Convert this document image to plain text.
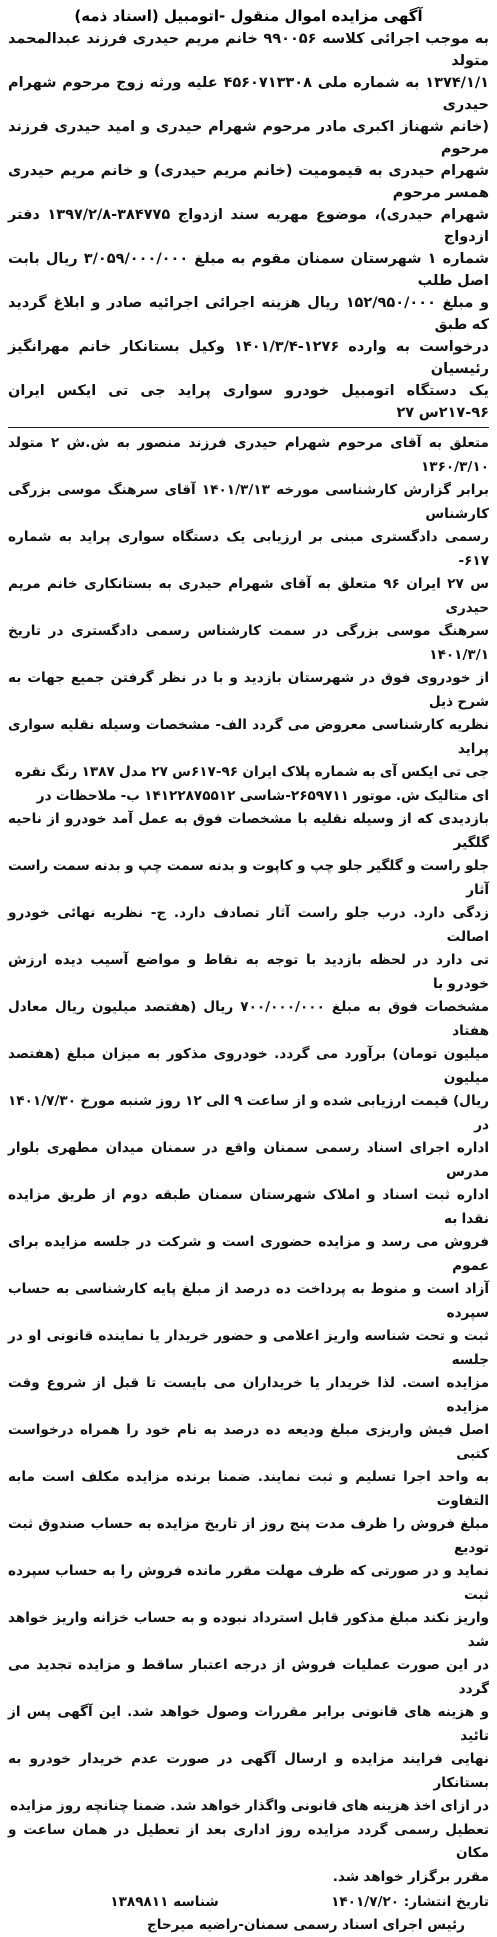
آگهی مزایده اموال منقول -اتومبیل (اسناد ذمه)

به موجب اجرائی کلاسه ۹۹۰۰۵۶ خانم مریم حیدری فرزند عبدالمحمد متولد

۱۳۷۴/۱/۱ به شماره ملی ۴۵۶۰۷۱۳۳۰۸ علیه ورثه زوج مرحوم شهرام حیدری

(خانم شهناز اکبری مادر مرحوم شهرام حیدری و امید حیدری فرزند مرحوم

شهرام حیدری به قیمومیت (خانم مریم حیدری) و خانم مریم حیدری همسر مرحوم

شهرام حیدری)، موضوع مهریه سند ازدواج ۳۸۴۷۷۵-۱۳۹۷/۲/۸ دفتر ازدواج

شماره ۱ شهرستان سمنان مقوم به مبلغ ۳/۰۵۹/۰۰۰/۰۰۰ ریال بابت اصل طلب

و مبلغ ۱۵۲/۹۵۰/۰۰۰ ریال هزینه اجرائی اجرائیه صادر و ابلاغ گردید که طبق

درخواست به وارده ۱۲۷۶-۱۴۰۱/۳/۴ وکیل بستانکار خانم مهرانگیز رئیسیان

یک دستگاه اتومبیل خودرو سواری پراید جی تی ایکس ایران ۹۶-۲۱۷س ۲۷

متعلق به آقای مرحوم شهرام حیدری فرزند منصور به ش.ش ۲ متولد ۱۳۶۰/۳/۱۰

برابر گزارش کارشناسی مورخه ۱۴۰۱/۳/۱۳ آقای سرهنگ موسی بزرگی کارشناس

رسمی دادگستری مبنی بر ارزیابی یک دستگاه سواری پراید به شماره ۶۱۷-

س ۲۷ ایران ۹۶ متعلق به آقای شهرام حیدری به بستانکاری خانم مریم حیدری

سرهنگ موسی بزرگی در سمت کارشناس رسمی دادگستری در تاریخ ۱۴۰۱/۳/۱

از خودروی فوق در شهرستان بازدید و با در نظر گرفتن جمیع جهات به شرح ذیل

نظریه کارشناسی معروض می گردد الف- مشخصات وسیله نقلیه سواری پراید

جی تی ایکس آی به شماره پلاک ایران ۹۶-۶۱۷س ۲۷ مدل ۱۳۸۷ رنگ نقره

ای متالیک ش. موتور ۲۶۵۹۷۱۱-شاسی ۱۴۱۲۲۸۷۵۵۱۲ ب- ملاحظات در

بازدیدی که از وسیله نقلیه با مشخصات فوق به عمل آمد خودرو از ناحیه گلگیر

جلو راست و گلگیر جلو چپ و کاپوت و بدنه سمت چپ و بدنه سمت راست آثار

زدگی دارد. درب جلو راست آثار تصادف دارد. ج- نظریه نهائی خودرو اصالت

تی دارد در لحظه بازدید با توجه به نقاط و مواضع آسیب دیده ارزش خودرو با

مشخصات فوق به مبلغ ۷۰۰/۰۰۰/۰۰۰ ریال (هفتصد میلیون ریال معادل هفتاد

میلیون تومان) برآورد می گردد. خودروی مذکور به میزان مبلغ (هفتصد میلیون

ریال) قیمت ارزیابی شده و از ساعت ۹ الی ۱۲ روز شنبه مورخ ۱۴۰۱/۷/۳۰ در

اداره اجرای اسناد رسمی سمنان واقع در سمنان میدان مطهری بلوار مدرس

اداره ثبت اسناد و املاک شهرستان سمنان طبقه دوم از طریق مزایده نقدا به

فروش می رسد و مزایده حضوری است و شرکت در جلسه مزایده برای عموم

آزاد است و منوط به پرداخت ده درصد از مبلغ پایه کارشناسی به حساب سپرده

ثبت و تحت شناسه واریز اعلامی و حضور خریدار یا نماینده قانونی او در جلسه

مزایده است. لذا خریدار یا خریداران می بایست تا قبل از شروع وقت مزایده

اصل فیش واریزی مبلغ ودیعه ده درصد به نام خود را همراه درخواست کتبی

به واحد اجرا تسلیم و ثبت نمایند. ضمنا برنده مزایده مکلف است مابه التفاوت

مبلغ فروش را ظرف مدت پنج روز از تاریخ مزایده به حساب صندوق ثبت تودیع

نماید و در صورتی که ظرف مهلت مقرر مانده فروش را به حساب سپرده ثبت

واریز نکند مبلغ مذکور قابل استرداد نبوده و به حساب خزانه واریز خواهد شد

در این صورت عملیات فروش از درجه اعتبار ساقط و مزایده تجدید می گردد

و هزینه های قانونی برابر مقررات وصول خواهد شد. این آگهی پس از تائید

نهایی فرایند مزایده و ارسال آگهی در صورت عدم خریدار خودرو به بستانکار

در ازای اخذ هزینه های قانونی واگذار خواهد شد. ضمنا چنانچه روز مزایده

تعطیل رسمی گردد مزایده روز اداری بعد از تعطیل در همان ساعت و مکان

مقرر برگزار خواهد شد.

تاریخ انتشار: ۱۴۰۱/۷/۲۰
شناسه ۱۳۸۹۸۱۱
رئیس اجرای اسناد رسمی سمنان-راضیه میرحاج
